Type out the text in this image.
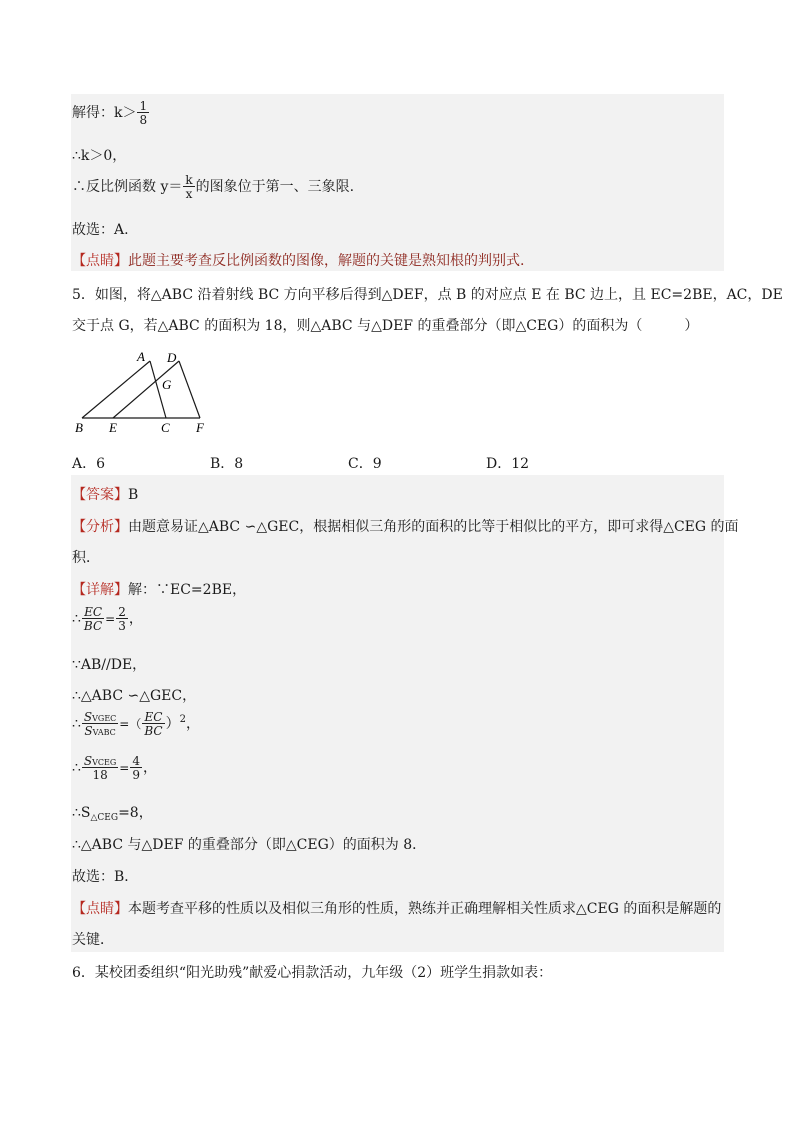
解得：$k> \frac{1}{8}$
∴k＞0，
∴反比例函数 $y= \frac{k}{x}$ 的图象位于第一、三象限.
故选：A.
【点睛】此题主要考查反比例函数的图像，解题的关键是熟知根的判别式.
5．如图，将△ABC 沿着射线 BC 方向平移后得到△DEF，点 B 的对应点 E 在 BC 边上，且 EC=2BE，AC，DE
交于点 G，若△ABC 的面积为 18，则△ABC 与△DEF 的重叠部分（即△CEG）的面积为（　　　）
A D
G
B E	C F
A．6	B．8	C．9	D．12
【答案】B
【分析】由题意易证△ABC ∽△GEC，根据相似三角形的面积的比等于相似比的平方，即可求得△CEG 的面
积．
【详解】解：∵EC=2BE，
∴ $\frac{EC}{BC} = \frac{2}{3}$ ，
∵AB//DE，
∴△ABC ∽△GEC，
∴ $\frac{\text{SVGEC}}{\text{SVABC}}$ =（ $\frac{EC}{BC} )^2$，
∴ $\frac{\text{SVCEG}}{18} = \frac{4}{9}$ ，
$\therefore S_{\triangle CEG}=8$，
∴△ABC 与△DEF 的重叠部分（即△CEG）的面积为 8．
故选：B．
【点睛】本题考查平移的性质以及相似三角形的性质，熟练并正确理解相关性质求△CEG 的面积是解题的
关键．
6．某校团委组织“阳光助残”献爱心捐款活动，九年级（2）班学生捐款如表：
